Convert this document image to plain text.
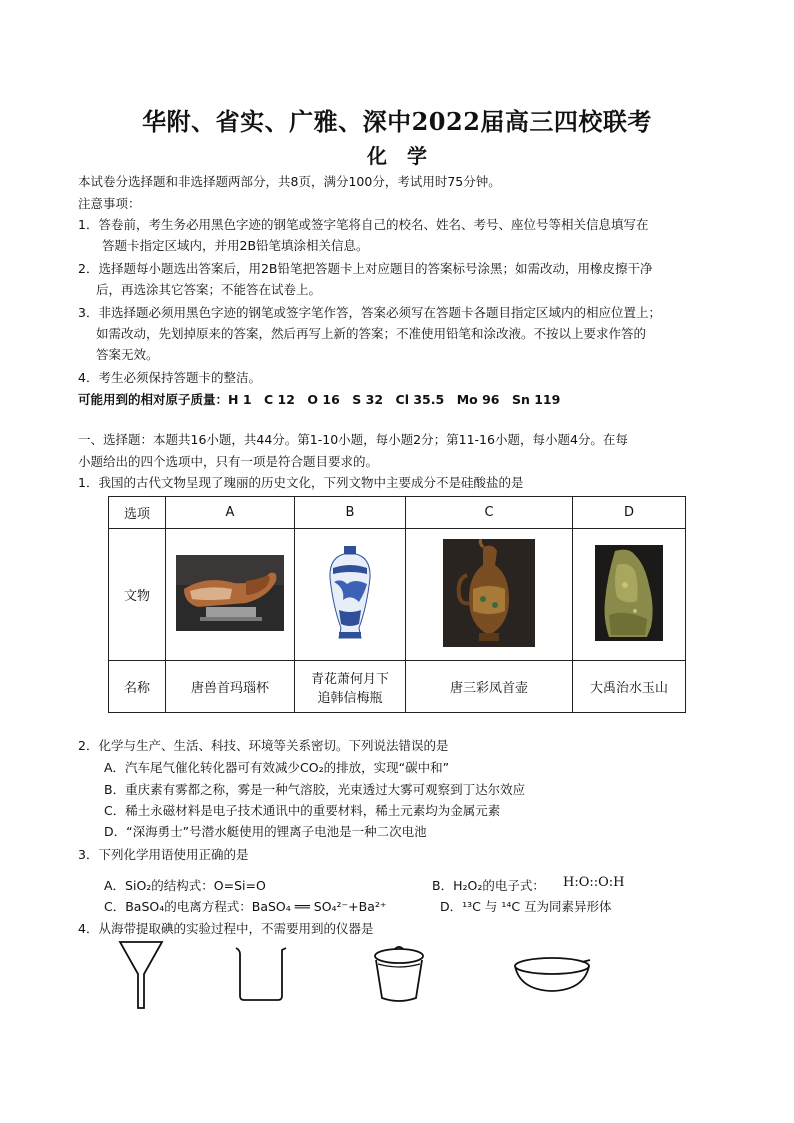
华附、省实、广雅、深中2022届高三四校联考
化　学
本试卷分选择题和非选择题两部分，共8页，满分100分，考试用时75分钟。
注意事项：
1．答卷前，考生务必用黑色字迹的钢笔或签字笔将自己的校名、姓名、考号、座位号等相关信息填写在
答题卡指定区域内，并用2B铅笔填涂相关信息。
2．选择题每小题选出答案后，用2B铅笔把答题卡上对应题目的答案标号涂黑；如需改动，用橡皮擦干净
后，再选涂其它答案；不能答在试卷上。
3．非选择题必须用黑色字迹的钢笔或签字笔作答，答案必须写在答题卡各题目指定区域内的相应位置上；
如需改动，先划掉原来的答案，然后再写上新的答案；不准使用铅笔和涂改液。不按以上要求作答的
答案无效。
4．考生必须保持答题卡的整洁。
可能用到的相对原子质量：H 1　C 12　O 16　S 32　Cl 35.5　Mo 96　Sn 119
一、选择题：本题共16小题，共44分。第1-10小题，每小题2分；第11-16小题，每小题4分。在每
小题给出的四个选项中，只有一项是符合题目要求的。
1．我国的古代文物呈现了瑰丽的历史文化，下列文物中主要成分不是硅酸盐的是
选项	A	B	C	D
文物				
名称	唐兽首玛瑙杯	青花萧何月下
追韩信梅瓶	唐三彩凤首壶	大禹治水玉山
2．化学与生产、生活、科技、环境等关系密切。下列说法错误的是
A．汽车尾气催化转化器可有效减少CO₂的排放，实现“碳中和”
B．重庆素有雾都之称，雾是一种气溶胶，光束透过大雾可观察到丁达尔效应
C．稀土永磁材料是电子技术通讯中的重要材料，稀土元素均为金属元素
D．“深海勇士”号潜水艇使用的锂离子电池是一种二次电池
3．下列化学用语使用正确的是
A．SiO₂的结构式：O=Si=O	B．H₂O₂的电子式： H:O::O:H
C．BaSO₄的电离方程式：BaSO₄ ══ SO₄²⁻+Ba²⁺	D．¹³C 与 ¹⁴C 互为同素异形体
4．从海带提取碘的实验过程中，不需要用到的仪器是
